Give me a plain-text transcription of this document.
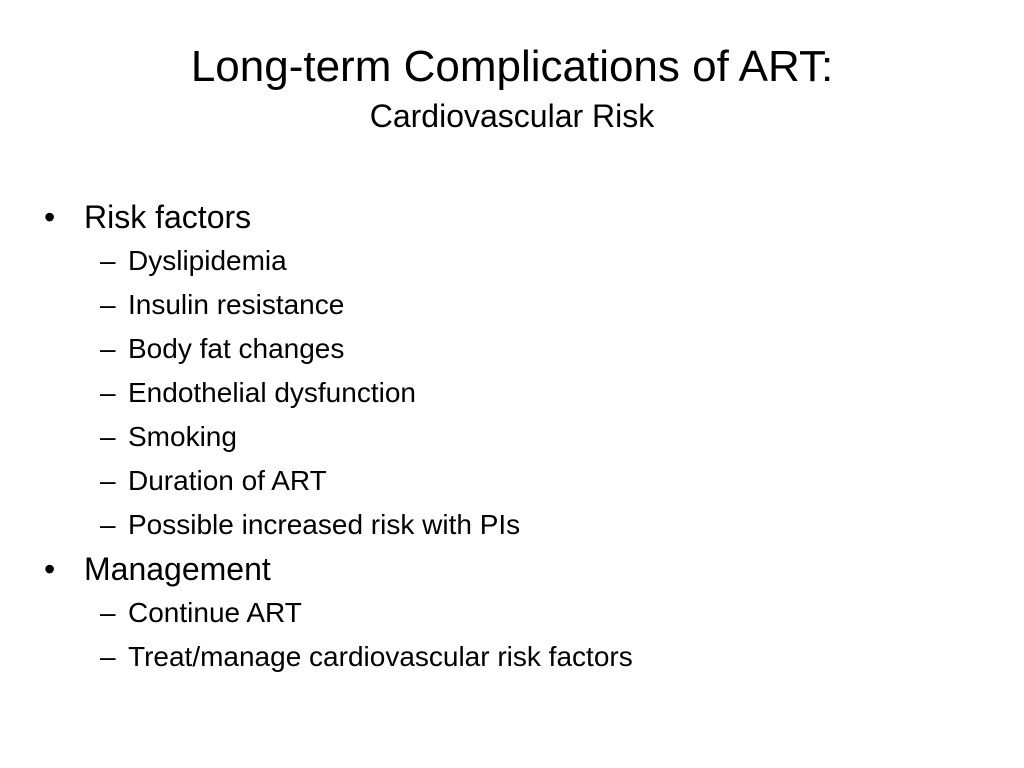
Long-term Complications of ART:
Cardiovascular Risk
• Risk factors
– Dyslipidemia
– Insulin resistance
– Body fat changes
– Endothelial dysfunction
– Smoking
– Duration of ART
– Possible increased risk with PIs
• Management
– Continue ART
– Treat/manage cardiovascular risk factors
